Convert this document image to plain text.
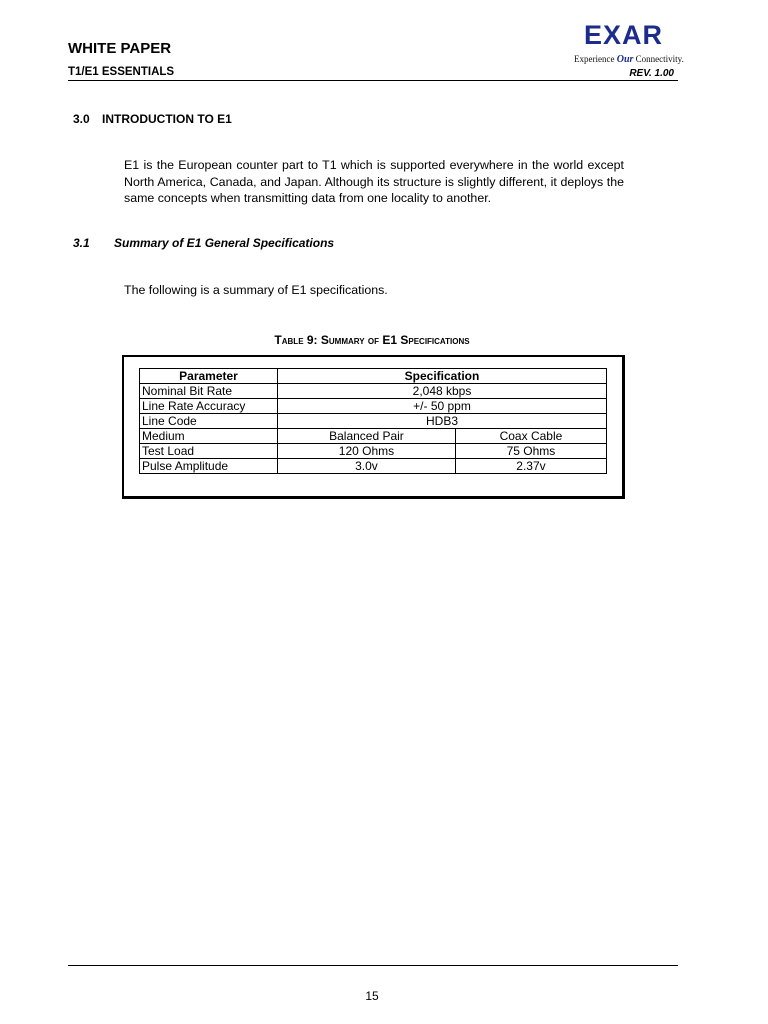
WHITE PAPER
T1/E1 ESSENTIALS	REV. 1.00
EXAR
Experience Our Connectivity.
3.0 INTRODUCTION TO E1
E1 is the European counter part to T1 which is supported everywhere in the world except North America, Canada, and Japan. Although its structure is slightly different, it deploys the same concepts when transmitting data from one locality to another.
3.1 Summary of E1 General Specifications
The following is a summary of E1 specifications.
Table 9: Summary of E1 Specifications
Parameter	Specification	
Nominal Bit Rate	2,048 kbps	
Line Rate Accuracy	+/- 50 ppm	
Line Code	HDB3	
Medium	Balanced Pair	Coax Cable
Test Load	120 Ohms	75 Ohms
Pulse Amplitude	3.0v	2.37v
15
